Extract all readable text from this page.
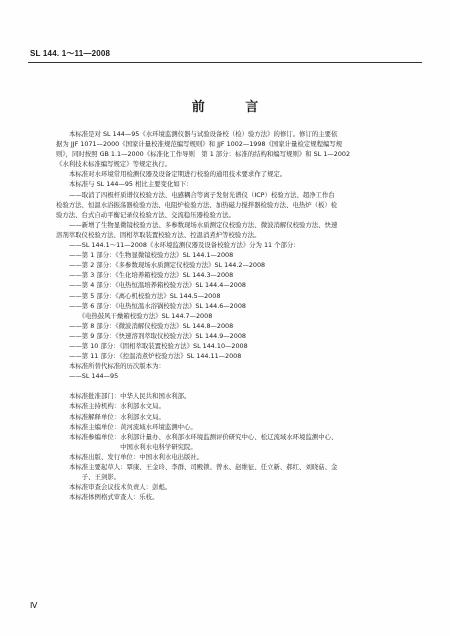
SL 144. 1～11—2008
前 言
本标准是对 SL 144—95《水环境监测仪器与试验设备校（检）验方法》的修订。修订的主要依
据为 JJF 1071—2000《国家计量校准规范编写规则》和 JJF 1002—1998《国家计量检定规程编写规
则》，同时按照 GB 1.1—2000《标准化工作导则　第 1 部分：标准的结构和编写规则》和 SL 1—2002
《水利技术标准编写规定》等规定执行。
本标准对水环境常用检测仪器及设备定期进行校验的通用技术要求作了规定。
本标准与 SL 144—95 相比主要变化如下：
——取消了四极杆质谱仪校验方法、电感耦合等离子发射光谱仪（ICP）校验方法、超净工作台
检验方法、恒温水浴振荡器检验方法、电阻炉检验方法、加热磁力搅拌器检验方法、电热炉（板）检
验方法、台式自动平衡记录仪检验方法、交流稳压器检验方法。
——新增了生物显微镜校验方法、多参数现场水质测定仪校验方法、微波消解仪校验方法、快速
溶剂萃取仪校验方法、固相萃取装置校验方法、控温消煮炉等校验方法。
——SL 144.1～11—2008《水环境监测仪器及设备校验方法》分为 11 个部分：
——第 1 部分：《生物显微镜校验方法》SL 144.1—2008
——第 2 部分：《多参数现场水质测定仪校验方法》SL 144.2—2008
——第 3 部分：《生化培养箱校验方法》SL 144.3—2008
——第 4 部分：《电热恒温培养箱校验方法》SL 144.4—2008
——第 5 部分：《离心机校验方法》SL 144.5—2008
——第 6 部分：《电热恒温水浴锅校验方法》SL 144.6—2008
　　《电热鼓风干燥箱校验方法》SL 144.7—2008
——第 8 部分：《微波消解仪校验方法》SL 144.8—2008
——第 9 部分：《快速溶剂萃取仪校验方法》SL 144.9—2008
——第 10 部分：《固相萃取装置校验方法》SL 144.10—2008
——第 11 部分：《控温消煮炉校验方法》SL 144.11—2008
本标准所替代标准的历次版本为：
——SL 144—95
本标准批准部门：中华人民共和国水利部。
本标准主持机构：水利部水文局。
本标准解释单位：水利部水文局。
本标准主编单位：黄河流域水环境监测中心。
本标准参编单位：水利部计量办、水利部水环境监测评价研究中心、松辽流域水环境监测中心、
　　　　　　　　中国水利水电科学研究院。
本标准出版、发行单位：中国水利水电出版社。
本标准主要起草人：覃康、王金玲、李群、司殿锁、曾永、赵维征、任立新、郝红、刘晓菇、金
　　子、王剑影。
本标准审查会议技术负责人：彭彪。
本标准体例格式审查人：乐枝。
Ⅳ
